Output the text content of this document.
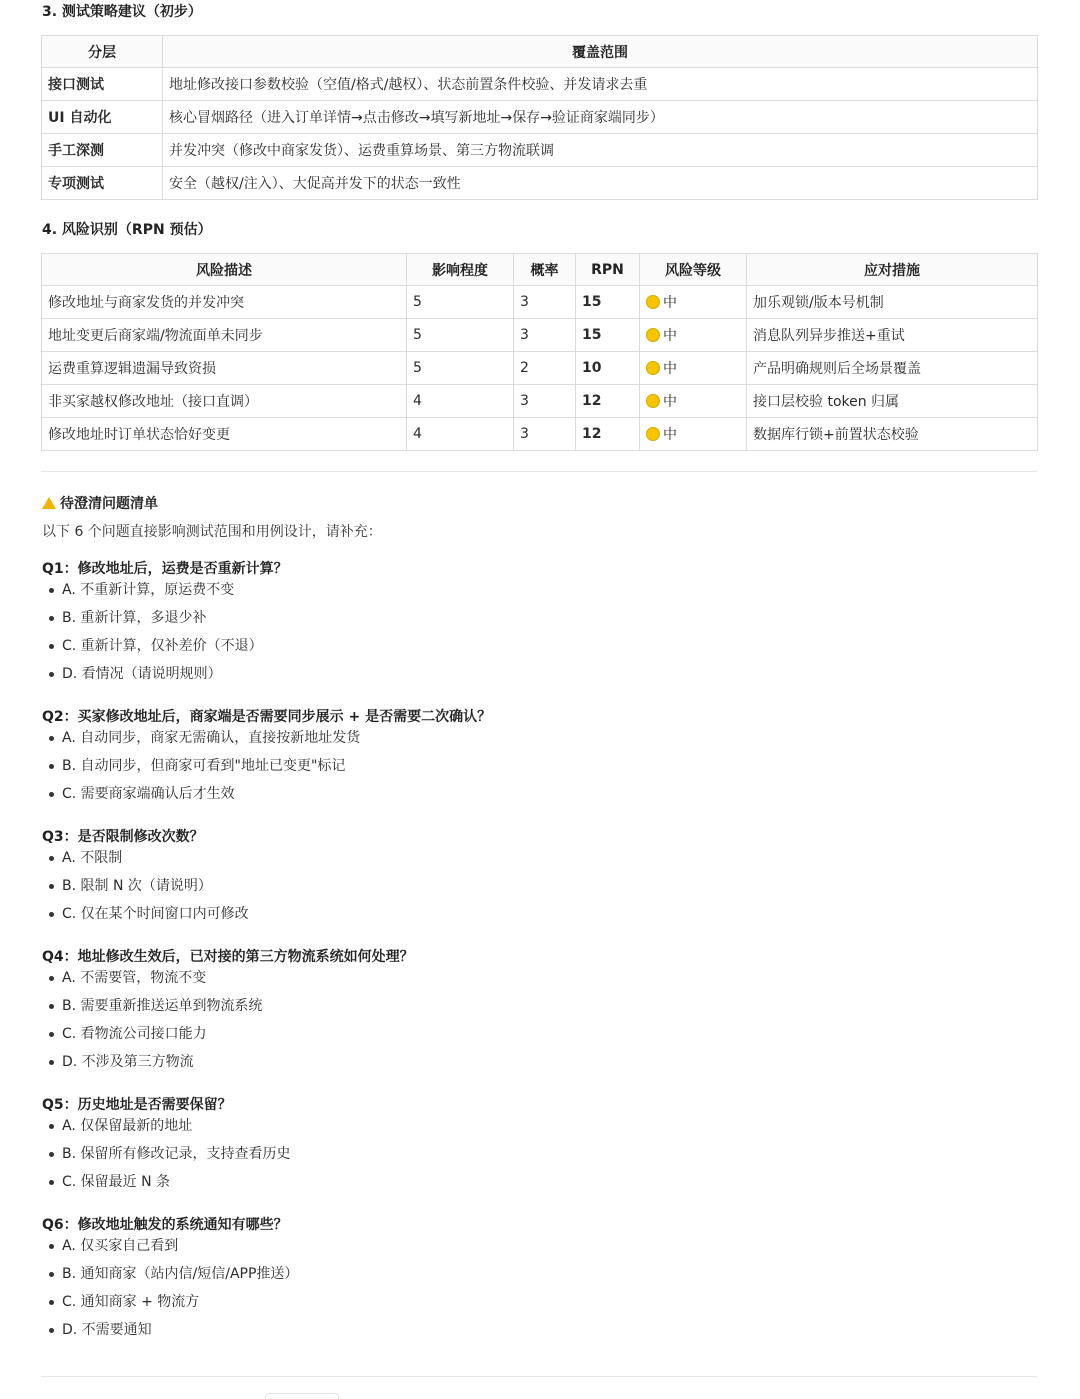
3. 测试策略建议（初步）
分层	覆盖范围
接口测试	地址修改接口参数校验（空值/格式/越权）、状态前置条件校验、并发请求去重
UI 自动化	核心冒烟路径（进入订单详情→点击修改→填写新地址→保存→验证商家端同步）
手工深测	并发冲突（修改中商家发货）、运费重算场景、第三方物流联调
专项测试	安全（越权/注入）、大促高并发下的状态一致性
4. 风险识别（RPN 预估）
风险描述	影响程度	概率	RPN	风险等级	应对措施
修改地址与商家发货的并发冲突	5	3	15	中	加乐观锁/版本号机制
地址变更后商家端/物流面单未同步	5	3	15	中	消息队列异步推送+重试
运费重算逻辑遗漏导致资损	5	2	10	中	产品明确规则后全场景覆盖
非买家越权修改地址（接口直调）	4	3	12	中	接口层校验 token 归属
修改地址时订单状态恰好变更	4	3	12	中	数据库行锁+前置状态校验
待澄清问题清单
以下 6 个问题直接影响测试范围和用例设计，请补充：
Q1：修改地址后，运费是否重新计算？
A. 不重新计算，原运费不变
B. 重新计算，多退少补
C. 重新计算，仅补差价（不退）
D. 看情况（请说明规则）
Q2：买家修改地址后，商家端是否需要同步展示 + 是否需要二次确认？
A. 自动同步，商家无需确认，直接按新地址发货
B. 自动同步，但商家可看到"地址已变更"标记
C. 需要商家端确认后才生效
Q3：是否限制修改次数？
A. 不限制
B. 限制 N 次（请说明）
C. 仅在某个时间窗口内可修改
Q4：地址修改生效后，已对接的第三方物流系统如何处理？
A. 不需要管，物流不变
B. 需要重新推送运单到物流系统
C. 看物流公司接口能力
D. 不涉及第三方物流
Q5：历史地址是否需要保留？
A. 仅保留最新的地址
B. 保留所有修改记录，支持查看历史
C. 保留最近 N 条
Q6：修改地址触发的系统通知有哪些？
A. 仅买家自己看到
B. 通知商家（站内信/短信/APP推送）
C. 通知商家 + 物流方
D. 不需要通知
